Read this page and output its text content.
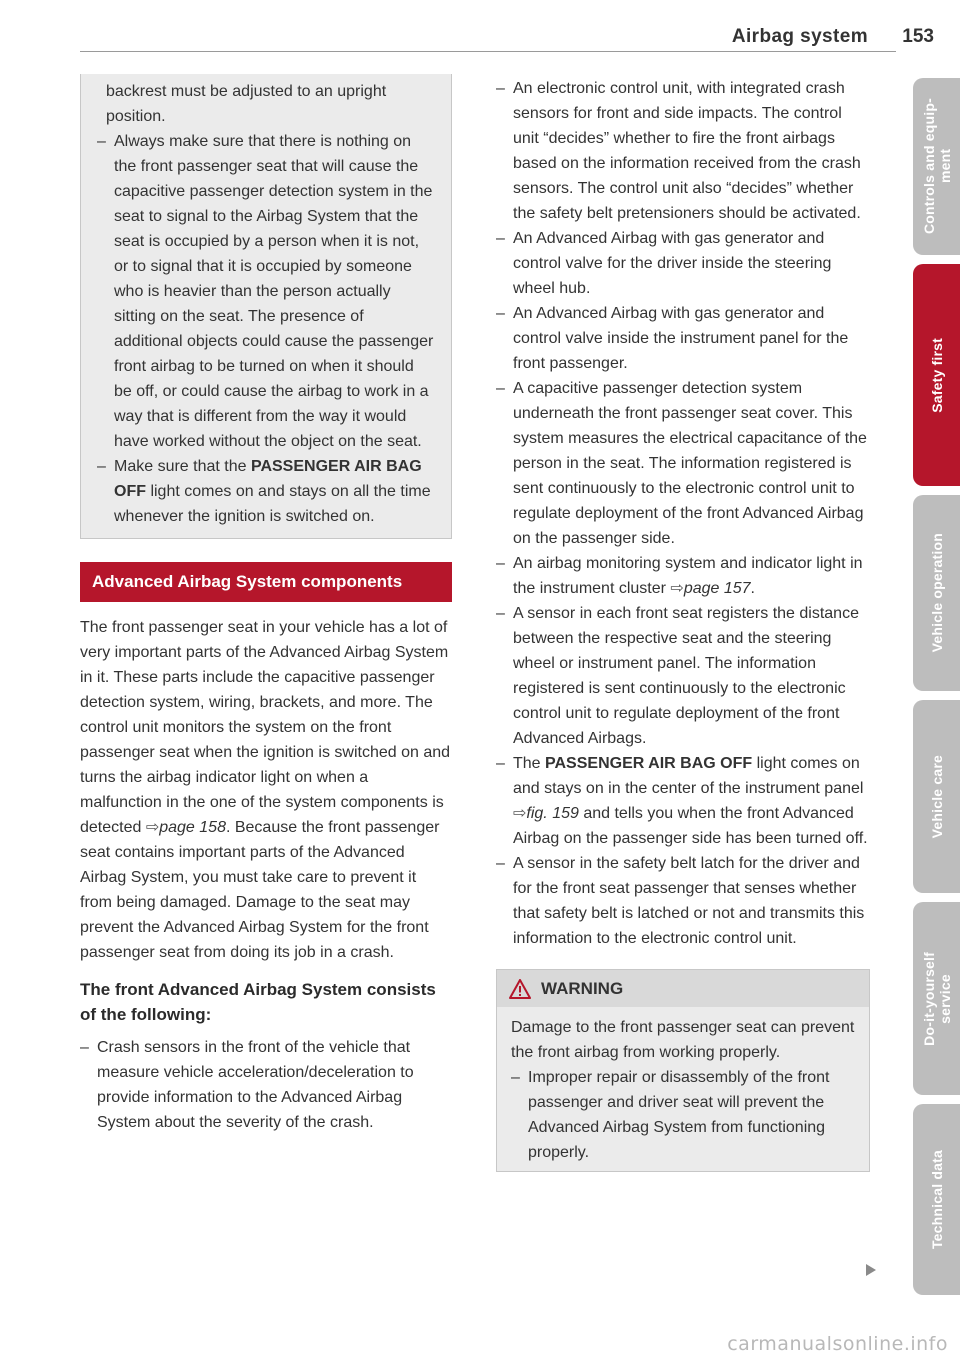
Airbag system 153

backrest must be adjusted to an upright position.

– Always make sure that there is nothing on the front passenger seat that will cause the capacitive passenger detection system in the seat to signal to the Airbag System that the seat is occupied by a person when it is not, or to signal that it is occupied by someone who is heavier than the person actually sitting on the seat. The presence of additional objects could cause the passenger front airbag to be turned on when it should be off, or could cause the airbag to work in a way that is different from the way it would have worked without the object on the seat.
– Make sure that the PASSENGER AIR BAG OFF light comes on and stays on all the time whenever the ignition is switched on.
Advanced Airbag System components

The front passenger seat in your vehicle has a lot of very important parts of the Advanced Airbag System in it. These parts include the capacitive passenger detection system, wiring, brackets, and more. The control unit monitors the system on the front passenger seat when the ignition is switched on and turns the airbag indicator light on when a malfunction in the one of the system components is detected ⇨page 158. Because the front passenger seat contains important parts of the Advanced Airbag System, you must take care to prevent it from being damaged. Damage to the seat may prevent the Advanced Airbag System for the front passenger seat from doing its job in a crash.

The front Advanced Airbag System consists of the following:
– Crash sensors in the front of the vehicle that measure vehicle acceleration/deceleration to provide information to the Advanced Airbag System about the severity of the crash.
– An electronic control unit, with integrated crash sensors for front and side impacts. The control unit “decides” whether to fire the front airbags based on the information received from the crash sensors. The control unit also “decides” whether the safety belt pretensioners should be activated.
– An Advanced Airbag with gas generator and control valve for the driver inside the steering wheel hub.
– An Advanced Airbag with gas generator and control valve inside the instrument panel for the front passenger.
– A capacitive passenger detection system underneath the front passenger seat cover. This system measures the electrical capacitance of the person in the seat. The information registered is sent continuously to the electronic control unit to regulate deployment of the front Advanced Airbag on the passenger side.
– An airbag monitoring system and indicator light in the instrument cluster ⇨page 157.
– A sensor in each front seat registers the distance between the respective seat and the steering wheel or instrument panel. The information registered is sent continuously to the electronic control unit to regulate deployment of the front Advanced Airbags.
– The PASSENGER AIR BAG OFF light comes on and stays on in the center of the instrument panel ⇨fig. 159 and tells you when the front Advanced Airbag on the passenger side has been turned off.
– A sensor in the safety belt latch for the driver and for the front seat passenger that senses whether that safety belt is latched or not and transmits this information to the electronic control unit.
WARNING

Damage to the front passenger seat can prevent the front airbag from working properly.

– Improper repair or disassembly of the front passenger and driver seat will prevent the Advanced Airbag System from functioning properly.
Controls and equip-
ment
Safety first
Vehicle operation
Vehicle care
Do-it-yourself
service
Technical data
carmanualsonline.info
